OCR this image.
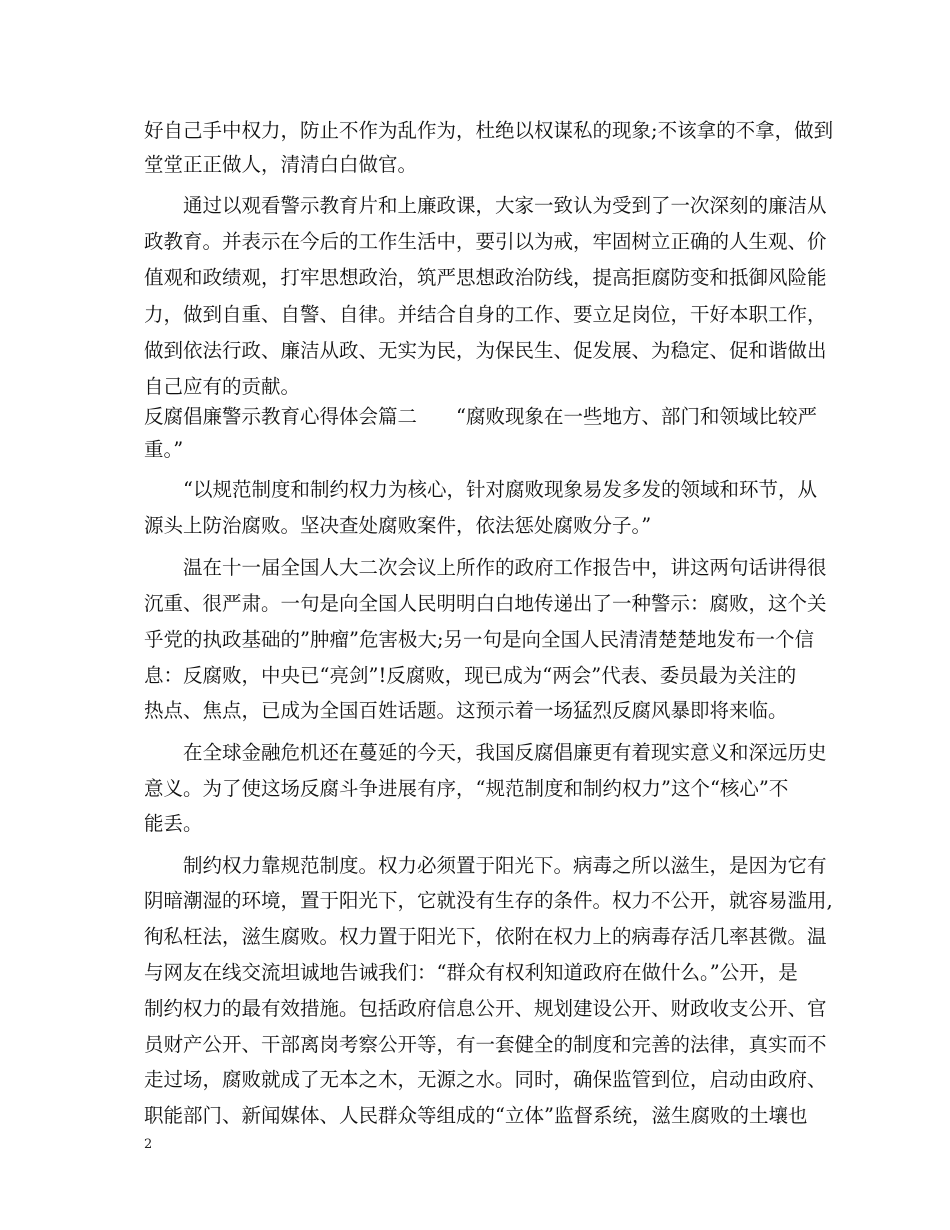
好自己手中权力，防止不作为乱作为，杜绝以权谋私的现象;不该拿的不拿，做到
堂堂正正做人，清清白白做官。
　　通过以观看警示教育片和上廉政课，大家一致认为受到了一次深刻的廉洁从
政教育。并表示在今后的工作生活中，要引以为戒，牢固树立正确的人生观、价
值观和政绩观，打牢思想政治，筑严思想政治防线，提高拒腐防变和抵御风险能
力，做到自重、自警、自律。并结合自身的工作、要立足岗位，干好本职工作，
做到依法行政、廉洁从政、无实为民，为保民生、促发展、为稳定、促和谐做出
自己应有的贡献。
反腐倡廉警示教育心得体会篇二　　“腐败现象在一些地方、部门和领域比较严
重。”
　　“以规范制度和制约权力为核心，针对腐败现象易发多发的领域和环节，从
源头上防治腐败。坚决查处腐败案件，依法惩处腐败分子。”
　　温在十一届全国人大二次会议上所作的政府工作报告中，讲这两句话讲得很
沉重、很严肃。一句是向全国人民明明白白地传递出了一种警示：腐败，这个关
乎党的执政基础的”肿瘤”危害极大;另一句是向全国人民清清楚楚地发布一个信
息：反腐败，中央已“亮剑”!反腐败，现已成为“两会”代表、委员最为关注的
热点、焦点，已成为全国百姓话题。这预示着一场猛烈反腐风暴即将来临。
　　在全球金融危机还在蔓延的今天，我国反腐倡廉更有着现实意义和深远历史
意义。为了使这场反腐斗争进展有序，“规范制度和制约权力”这个“核心”不
能丢。
　　制约权力靠规范制度。权力必须置于阳光下。病毒之所以滋生，是因为它有
阴暗潮湿的环境，置于阳光下，它就没有生存的条件。权力不公开，就容易滥用,
徇私枉法，滋生腐败。权力置于阳光下，依附在权力上的病毒存活几率甚微。温
与网友在线交流坦诚地告诫我们：“群众有权利知道政府在做什么。”公开，是
制约权力的最有效措施。包括政府信息公开、规划建设公开、财政收支公开、官
员财产公开、干部离岗考察公开等，有一套健全的制度和完善的法律，真实而不
走过场，腐败就成了无本之木，无源之水。同时，确保监管到位，启动由政府、
职能部门、新闻媒体、人民群众等组成的“立体”监督系统，滋生腐败的土壤也
2
